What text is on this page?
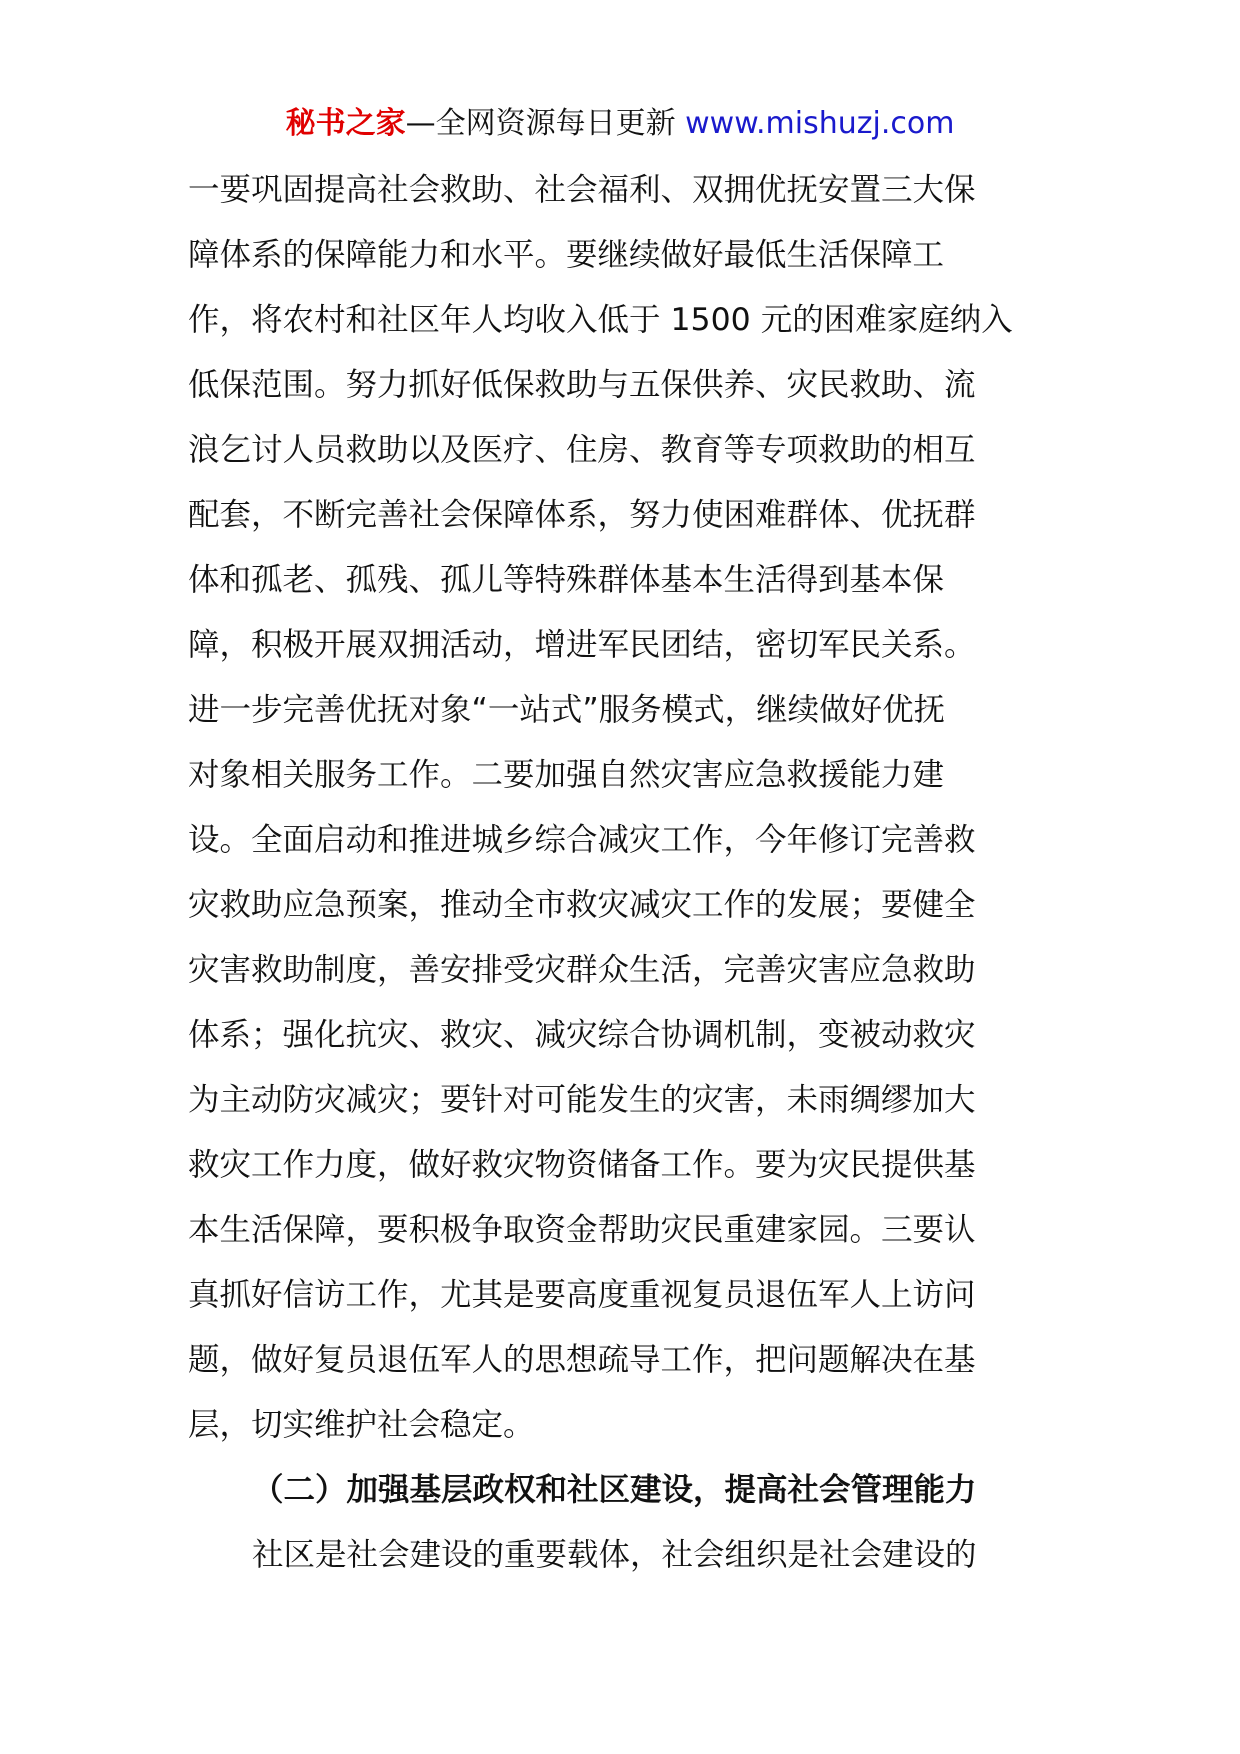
秘书之家—全网资源每日更新 www.mishuzj.com
一要巩固提高社会救助、社会福利、双拥优抚安置三大保
障体系的保障能力和水平。要继续做好最低生活保障工
作，将农村和社区年人均收入低于 1500 元的困难家庭纳入
低保范围。努力抓好低保救助与五保供养、灾民救助、流
浪乞讨人员救助以及医疗、住房、教育等专项救助的相互
配套，不断完善社会保障体系，努力使困难群体、优抚群
体和孤老、孤残、孤儿等特殊群体基本生活得到基本保
障，积极开展双拥活动，增进军民团结，密切军民关系。
进一步完善优抚对象“一站式”服务模式，继续做好优抚
对象相关服务工作。二要加强自然灾害应急救援能力建
设。全面启动和推进城乡综合减灾工作，今年修订完善救
灾救助应急预案，推动全市救灾减灾工作的发展；要健全
灾害救助制度，善安排受灾群众生活，完善灾害应急救助
体系；强化抗灾、救灾、减灾综合协调机制，变被动救灾
为主动防灾减灾；要针对可能发生的灾害，未雨绸缪加大
救灾工作力度，做好救灾物资储备工作。要为灾民提供基
本生活保障，要积极争取资金帮助灾民重建家园。三要认
真抓好信访工作，尤其是要高度重视复员退伍军人上访问
题，做好复员退伍军人的思想疏导工作，把问题解决在基
层，切实维护社会稳定。
（二）加强基层政权和社区建设，提高社会管理能力
社区是社会建设的重要载体，社会组织是社会建设的
